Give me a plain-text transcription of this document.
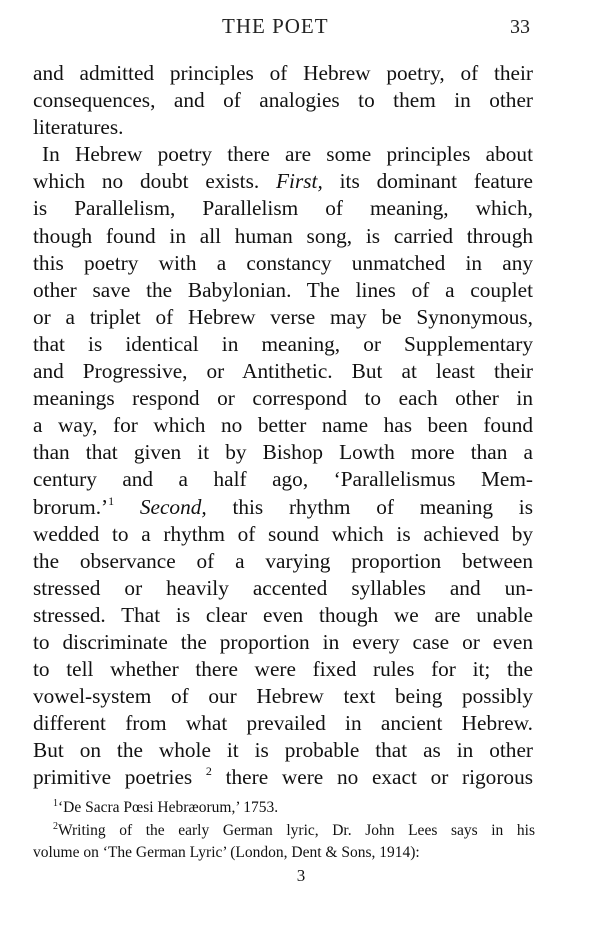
THE POET	33
and admitted principles of Hebrew poetry, of their
consequences, and of analogies to them in other
literatures.
In Hebrew poetry there are some principles about
which no doubt exists. First, its dominant feature
is Parallelism, Parallelism of meaning, which,
though found in all human song, is carried through
this poetry with a constancy unmatched in any
other save the Babylonian. The lines of a couplet
or a triplet of Hebrew verse may be Synonymous,
that is identical in meaning, or Supplementary
and Progressive, or Antithetic. But at least their
meanings respond or correspond to each other in
a way, for which no better name has been found
than that given it by Bishop Lowth more than a
century and a half ago, ‘Parallelismus Mem-
brorum.’$^1$ Second, this rhythm of meaning is
wedded to a rhythm of sound which is achieved by
the observance of a varying proportion between
stressed or heavily accented syllables and un-
stressed. That is clear even though we are unable
to discriminate the proportion in every case or even
to tell whether there were fixed rules for it; the
vowel-system of our Hebrew text being possibly
different from what prevailed in ancient Hebrew.
But on the whole it is probable that as in other
primitive poetries $^2$ there were no exact or rigorous
$^1$‘De Sacra Pœsi Hebræorum,’ 1753.
$^2$Writing of the early German lyric, Dr. John Lees says in his
volume on ‘The German Lyric’ (London, Dent & Sons, 1914):
3
